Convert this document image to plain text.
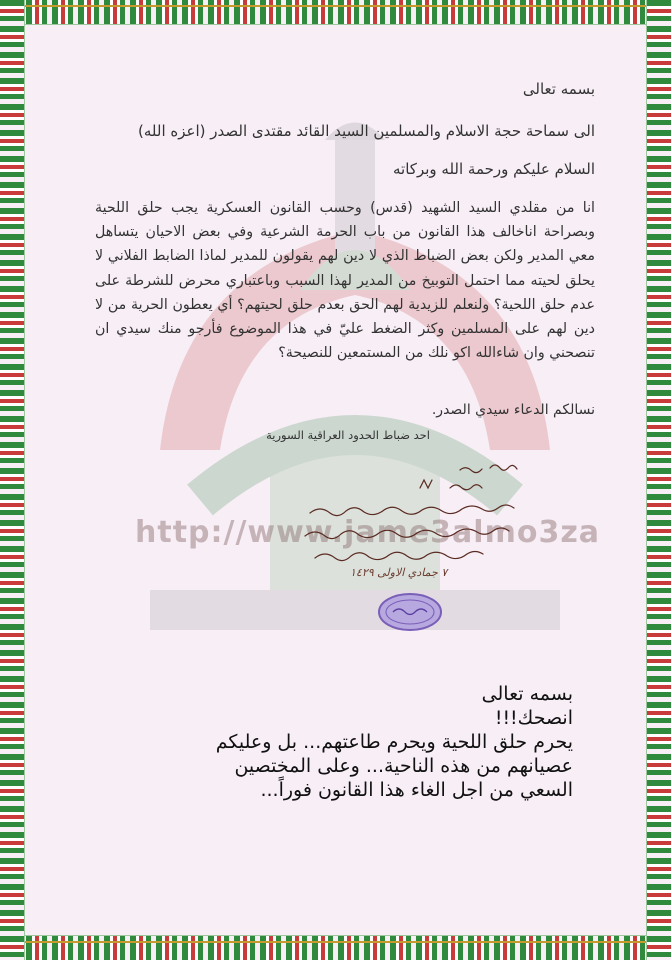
http://www.jame3almo3za
بسمه تعالى
الى سماحة حجة الاسلام والمسلمين السيد القائد مقتدى الصدر (اعزه الله)
السلام عليكم ورحمة الله وبركاته
انا من مقلدي السيد الشهيد (قدس) وحسب القانون العسكرية يجب حلق اللحية وبصراحة اناخالف هذا القانون من باب الحرمة الشرعية وفي بعض الاحيان يتساهل معي المدير ولكن بعض الضباط الذي لا دين لهم يقولون للمدير لماذا الضابط الفلاني لا يحلق لحيته مما احتمل التوبيخ من المدير لهذا السبب وباعتباري محرض للشرطة على عدم حلق اللحية؟ ولنعلم للزيدية لهم الحق بعدم حلق لحيتهم؟ أي يعطون الحرية من لا دين لهم على المسلمين وكثر الضغط عليّ في هذا الموضوع فأرجو منك سيدي ان تنصحني وان شاءالله اكو نلك من المستمعين للنصيحة؟
نسالكم الدعاء سيدي الصدر.
احد ضباط الحدود العراقية السورية
٧ جمادي الاولى ١٤٢٩
بسمه تعالى
انصحك!!!
يحرم حلق اللحية ويحرم طاعتهم... بل وعليكم
عصيانهم من هذه الناحية... وعلى المختصين
السعي من اجل الغاء هذا القانون فوراً...
